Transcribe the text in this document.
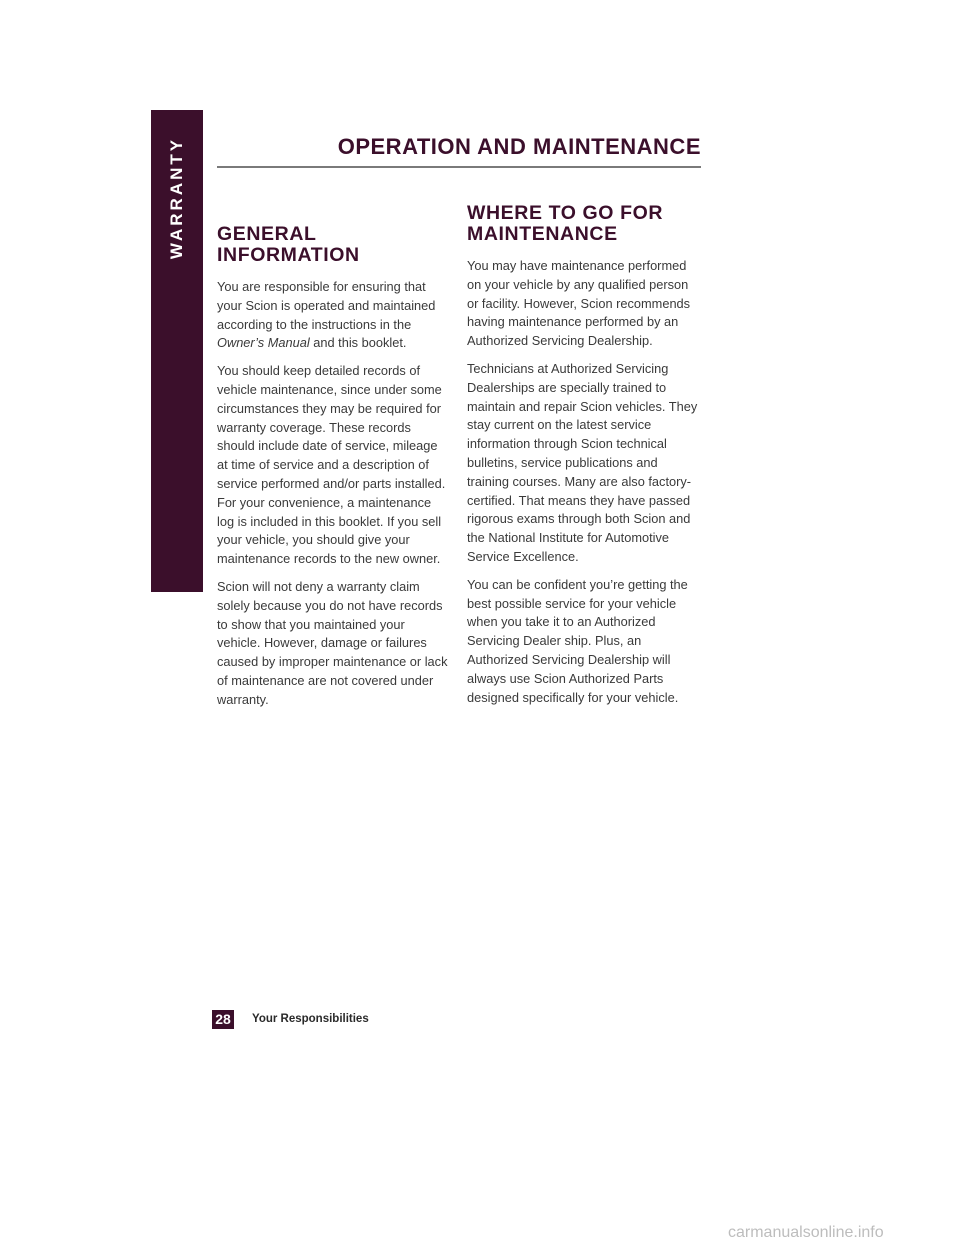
WARRANTY	OPERATION AND MAINTENANCE
GENERAL INFORMATION

You are responsible for ensuring that your Scion is operated and maintained according to the instructions in the Owner’s Manual and this booklet.

You should keep detailed records of vehicle maintenance, since under some circumstances they may be required for warranty coverage. These records should include date of service, mileage at time of service and a description of service performed and/or parts installed. For your convenience, a maintenance log is included in this booklet. If you sell your vehicle, you should give your maintenance records to the new owner.

Scion will not deny a warranty claim solely because you do not have records to show that you maintained your vehicle. However, damage or failures caused by improper maintenance or lack of maintenance are not covered under warranty.

WHERE TO GO FOR
MAINTENANCE

You may have maintenance performed on your vehicle by any qualified person or facility. However, Scion recommends having maintenance performed by an Authorized Servicing Dealership.

Technicians at Authorized Servicing Dealerships are specially trained to maintain and repair Scion vehicles. They stay current on the latest service information through Scion technical bulletins, service publications and training courses. Many are also factory-certified. That means they have passed rigorous exams through both Scion and the National Institute for Automotive Service Excellence.

You can be confident you’re getting the best possible service for your vehicle when you take it to an Authorized Servicing Dealer ship. Plus, an Authorized Servicing Dealership will always use Scion Authorized Parts designed specifically for your vehicle.

28 Your Responsibilities
carmanualsonline.info
